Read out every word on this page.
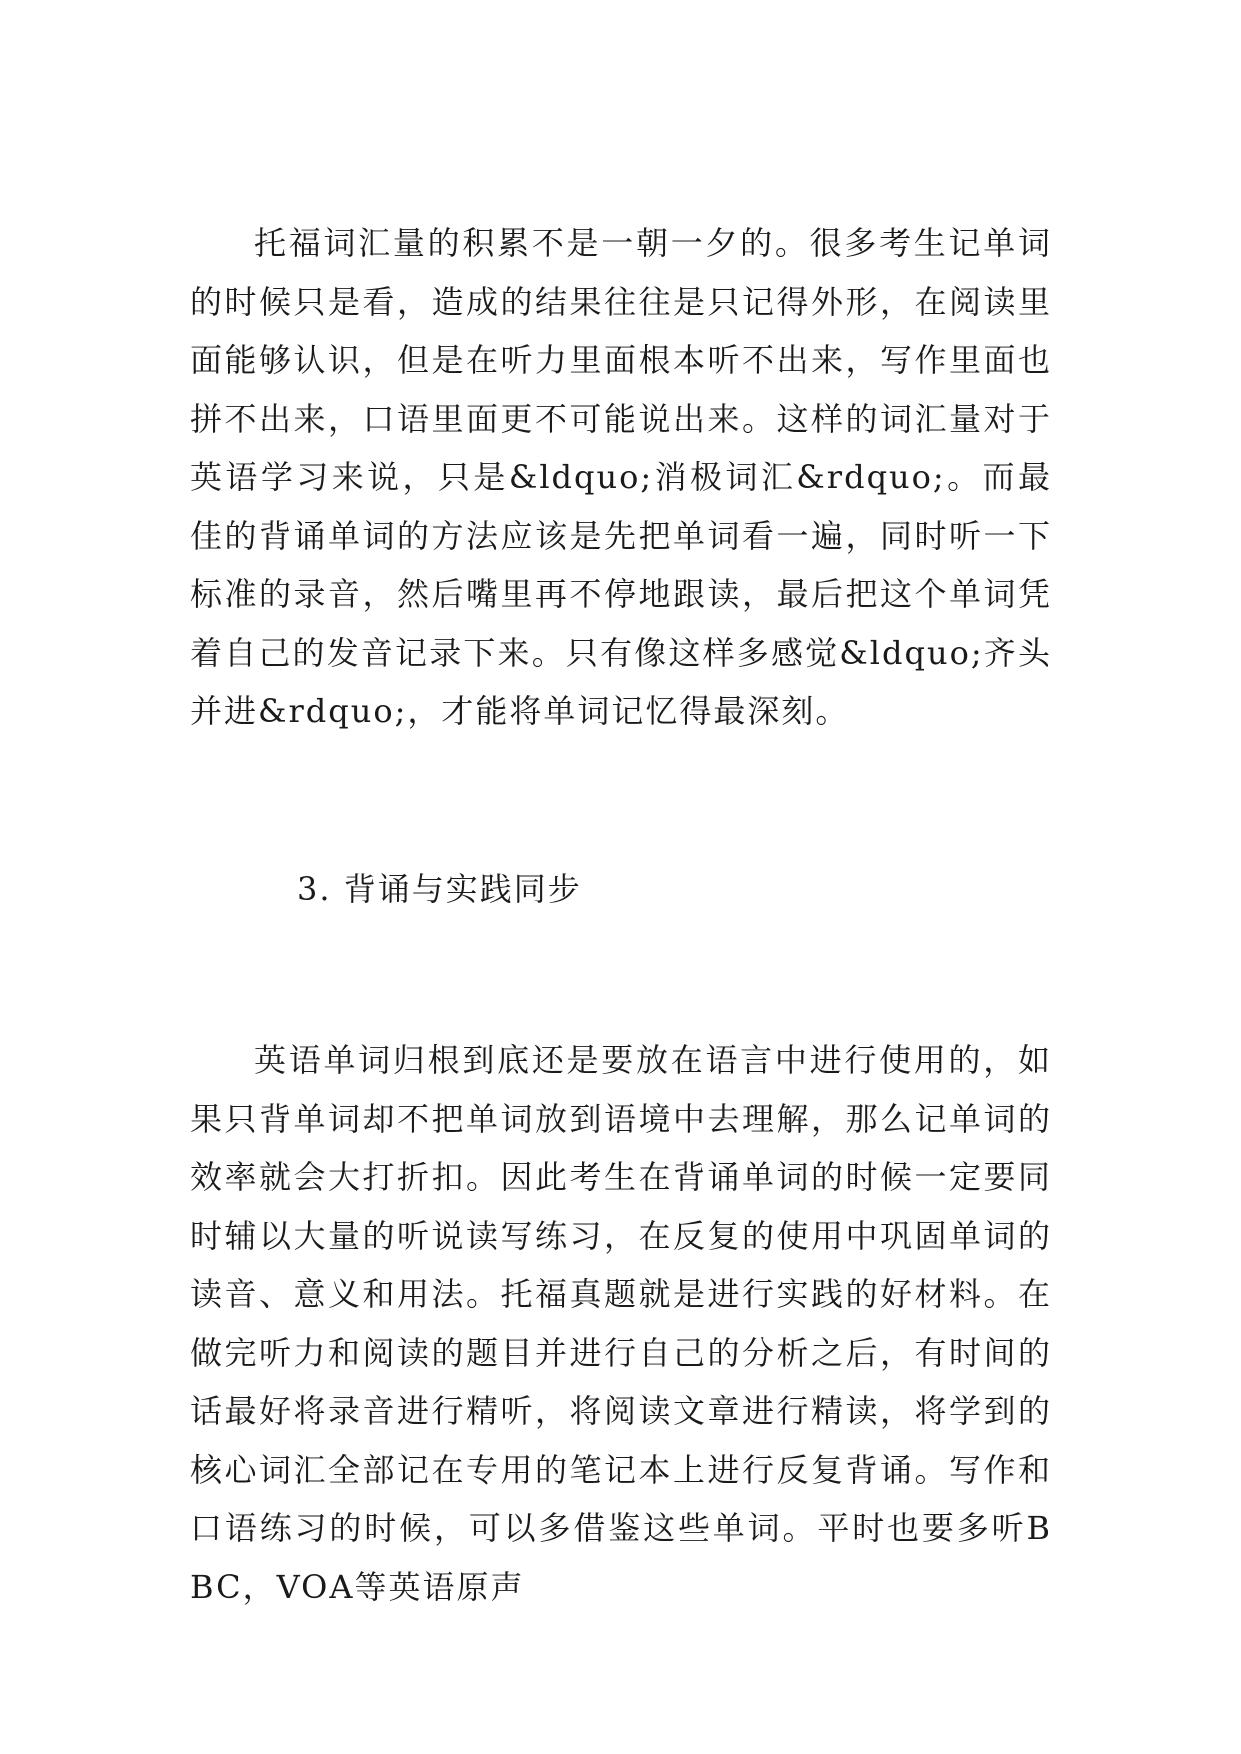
托福词汇量的积累不是一朝一夕的。很多考生记单词的时候只是看，造成的结果往往是只记得外形，在阅读里面能够认识，但是在听力里面根本听不出来，写作里面也拼不出来，口语里面更不可能说出来。这样的词汇量对于英语学习来说，只是&ldquo;消极词汇&rdquo;。而最佳的背诵单词的方法应该是先把单词看一遍，同时听一下标准的录音，然后嘴里再不停地跟读，最后把这个单词凭着自己的发音记录下来。只有像这样多感觉&ldquo;齐头并进&rdquo;，才能将单词记忆得最深刻。

3. 背诵与实践同步

英语单词归根到底还是要放在语言中进行使用的，如果只背单词却不把单词放到语境中去理解，那么记单词的效率就会大打折扣。因此考生在背诵单词的时候一定要同时辅以大量的听说读写练习，在反复的使用中巩固单词的读音、意义和用法。托福真题就是进行实践的好材料。在做完听力和阅读的题目并进行自己的分析之后，有时间的话最好将录音进行精听，将阅读文章进行精读，将学到的核心词汇全部记在专用的笔记本上进行反复背诵。写作和口语练习的时候，可以多借鉴这些单词。平时也要多听BBC，VOA等英语原声
